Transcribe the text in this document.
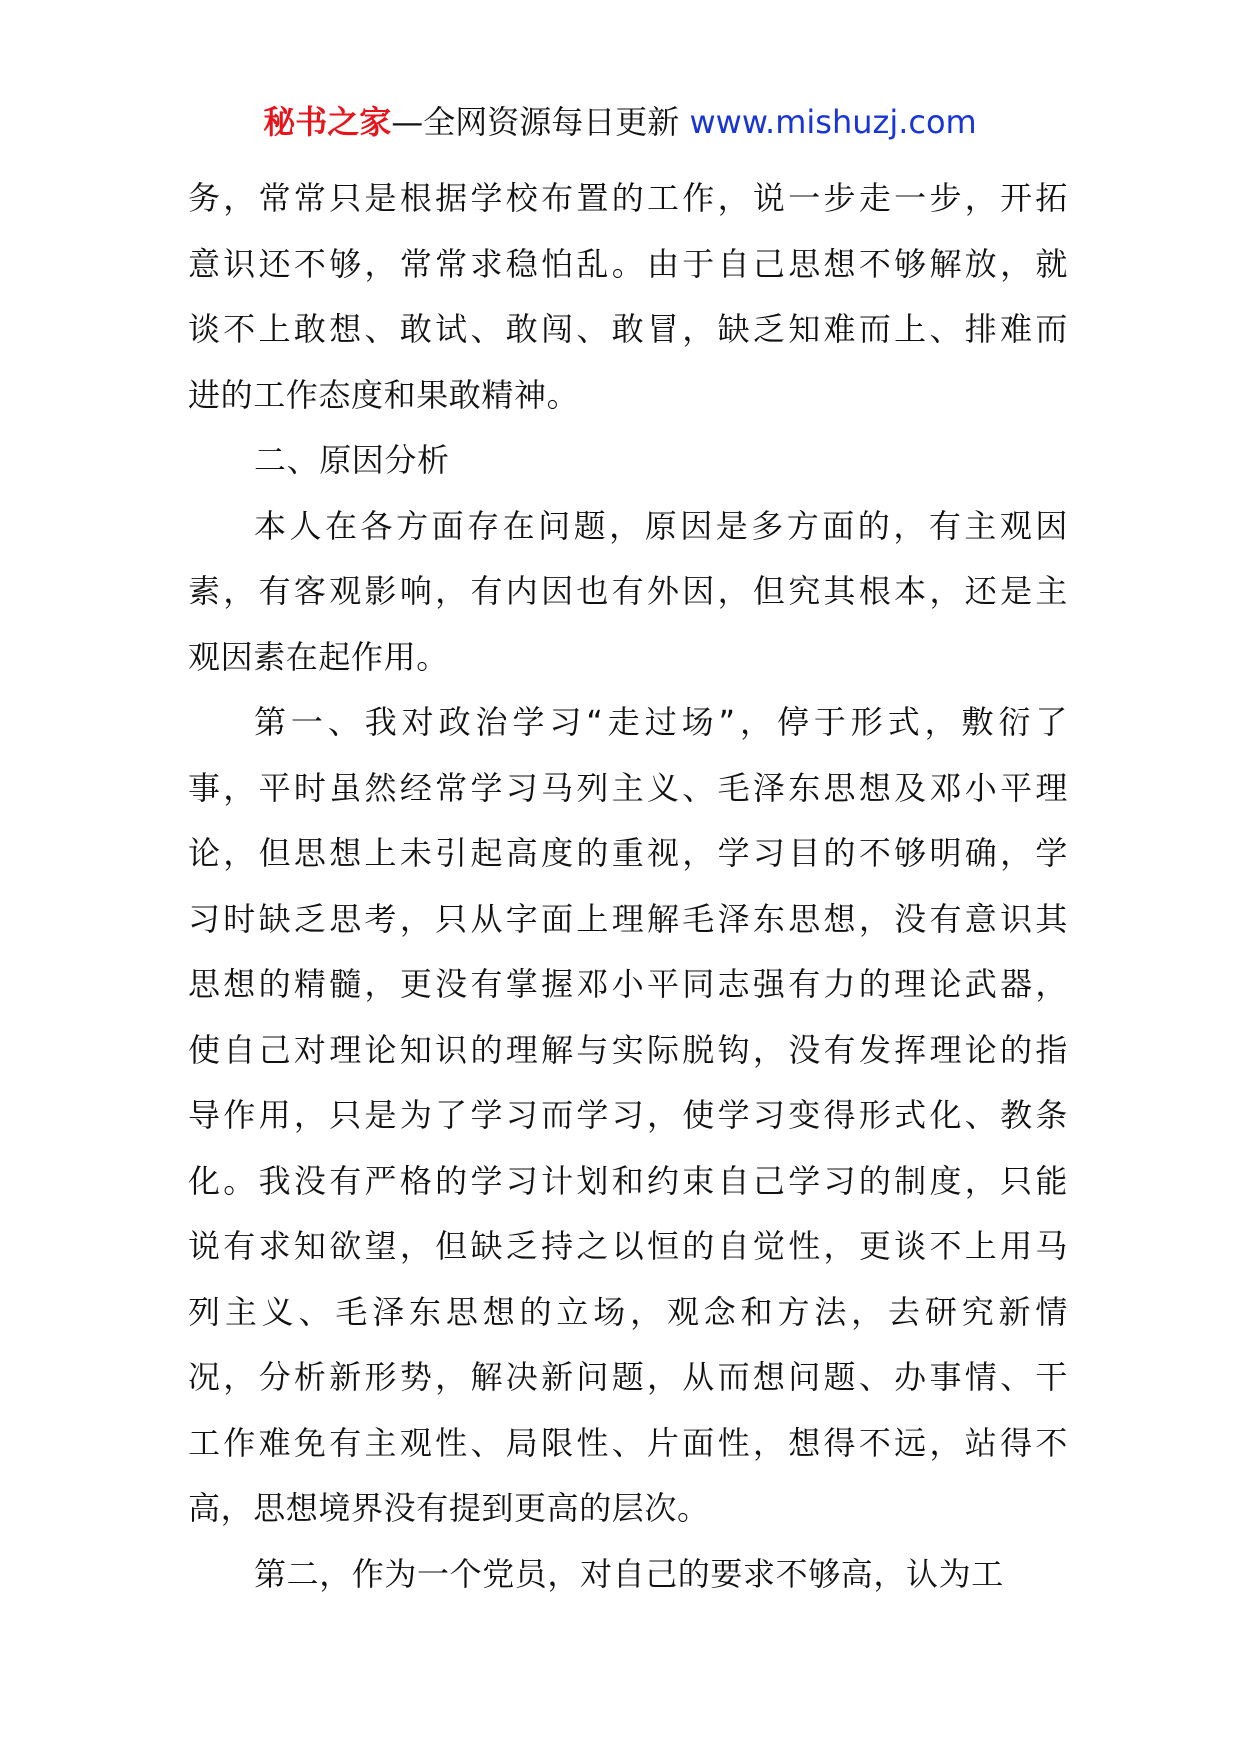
秘书之家—全网资源每日更新 www.mishuzj.com
务，常常只是根据学校布置的工作，说一步走一步，开拓
意识还不够，常常求稳怕乱。由于自己思想不够解放，就
谈不上敢想、敢试、敢闯、敢冒，缺乏知难而上、排难而
进的工作态度和果敢精神。
二、原因分析
本人在各方面存在问题，原因是多方面的，有主观因
素，有客观影响，有内因也有外因，但究其根本，还是主
观因素在起作用。
第一、我对政治学习“走过场”，停于形式，敷衍了
事，平时虽然经常学习马列主义、毛泽东思想及邓小平理
论，但思想上未引起高度的重视，学习目的不够明确，学
习时缺乏思考，只从字面上理解毛泽东思想，没有意识其
思想的精髓，更没有掌握邓小平同志强有力的理论武器，
使自己对理论知识的理解与实际脱钩，没有发挥理论的指
导作用，只是为了学习而学习，使学习变得形式化、教条
化。我没有严格的学习计划和约束自己学习的制度，只能
说有求知欲望，但缺乏持之以恒的自觉性，更谈不上用马
列主义、毛泽东思想的立场，观念和方法，去研究新情
况，分析新形势，解决新问题，从而想问题、办事情、干
工作难免有主观性、局限性、片面性，想得不远，站得不
高，思想境界没有提到更高的层次。
第二，作为一个党员，对自己的要求不够高，认为工
